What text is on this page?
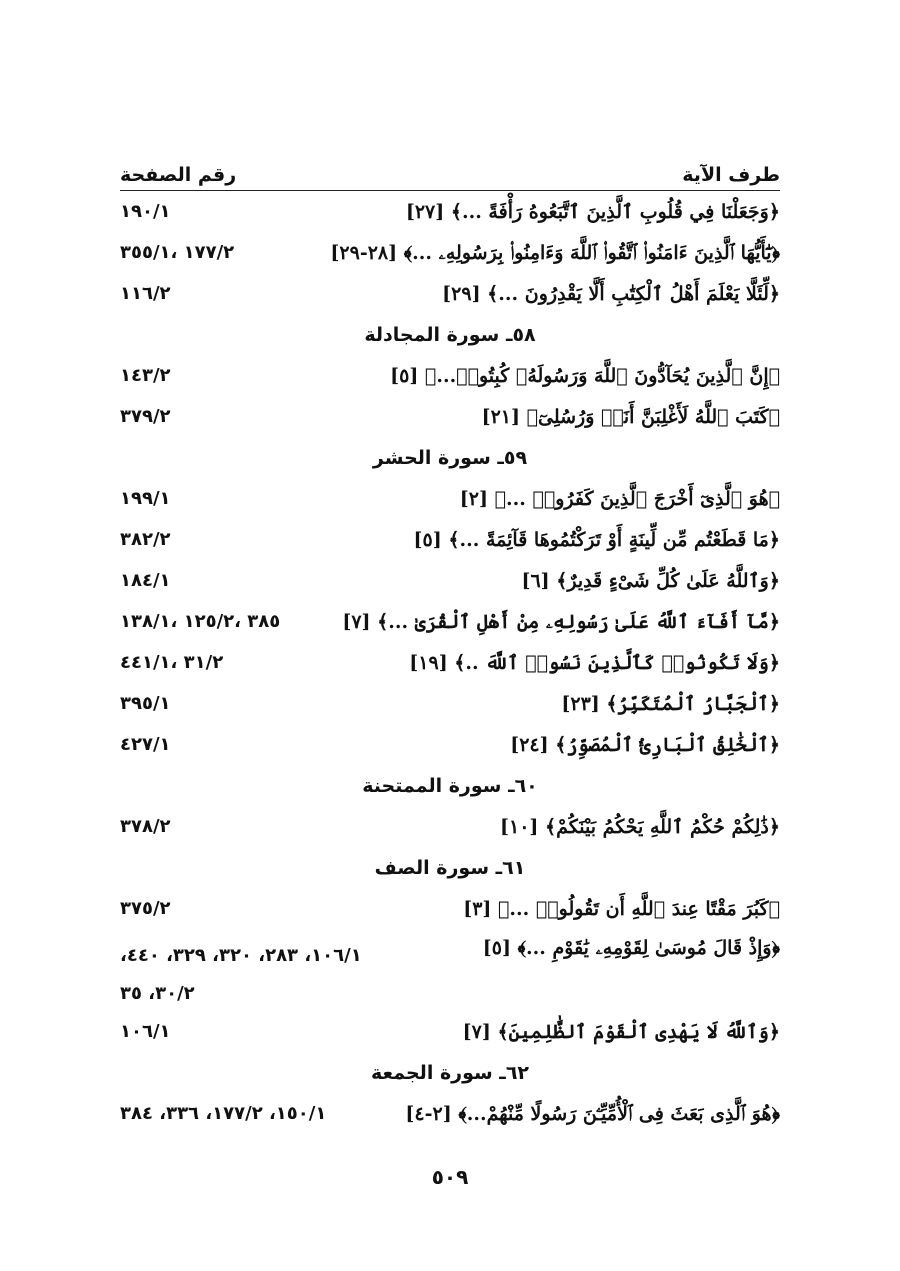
طرف الآية
رقم الصفحة
﴿وَجَعَلْنَا فِي قُلُوبِ ٱلَّذِينَ ٱتَّبَعُوهُ رَأْفَةً ...﴾ [٢٧]
١٩٠/١
﴿يَٰٓأَيُّهَا ٱلَّذِينَ ءَامَنُوا۟ ٱتَّقُوا۟ ٱللَّهَ وَءَامِنُوا۟ بِرَسُولِهِۦ ...﴾ [٢٨-٢٩]
١٧٧/٢ ،٣٥٥/١
﴿لِّئَلَّا يَعْلَمَ أَهْلُ ٱلْكِتَٰبِ أَلَّا يَقْدِرُونَ ...﴾ [٢٩]
١١٦/٢
٥٨ـ سورة المجادلة
﴿إِنَّ ٱلَّذِينَ يُحَآدُّونَ ٱللَّهَ وَرَسُولَهُۥ كُبِتُوا۟...﴾ [٥]
١٤٣/٢
﴿كَتَبَ ٱللَّهُ لَأَغْلِبَنَّ أَنَا۠ وَرُسُلِىٓ﴾ [٢١]
٣٧٩/٢
٥٩ـ سورة الحشر
﴿هُوَ ٱلَّذِىٓ أَخْرَجَ ٱلَّذِينَ كَفَرُوا۟ ...﴾ [٢]
١٩٩/١
﴿مَا قَطَعْتُم مِّن لِّينَةٍ أَوْ تَرَكْتُمُوهَا قَآئِمَةً ...﴾ [٥]
٣٨٢/٢
﴿وَٱللَّهُ عَلَىٰ كُلِّ شَىْءٍ قَدِيرٌ﴾ [٦]
١٨٤/١
﴿مَّآ أَفَآءَ ٱللَّهُ عَلَىٰ رَسُولِهِۦ مِنْ أَهْلِ ٱلْقُرَىٰ ...﴾ [٧]
٣٨٥ ،١٢٥/٢ ،١٣٨/١
﴿وَلَا تَكُونُوا۟ كَٱلَّذِينَ نَسُوا۟ ٱللَّهَ ..﴾ [١٩]
٣١/٢ ،٤٤١/١
﴿ٱلْجَبَّارُ ٱلْمُتَكَبِّرُ﴾ [٢٣]
٣٩٥/١
﴿ٱلْخَٰلِقُ ٱلْبَارِئُ ٱلْمُصَوِّرُ﴾ [٢٤]
٤٢٧/١
٦٠ـ سورة الممتحنة
﴿ذَٰلِكُمْ حُكْمُ ٱللَّهِ يَحْكُمُ بَيْنَكُمْ﴾ [١٠]
٣٧٨/٢
٦١ـ سورة الصف
﴿كَبُرَ مَقْتًا عِندَ ٱللَّهِ أَن تَقُولُوا۟ ...﴾ [٣]
٣٧٥/٢
﴿وَإِذْ قَالَ مُوسَىٰ لِقَوْمِهِۦ يَٰقَوْمِ ...﴾ [٥]
١٠٦/١، ٢٨٣، ٣٢٠، ٣٢٩، ٤٤٠، ٣٠/٢، ٣٥
﴿وَٱللَّهُ لَا يَهْدِى ٱلْقَوْمَ ٱلظَّٰلِمِينَ﴾ [٧]
١٠٦/١
٦٢ـ سورة الجمعة
﴿هُوَ ٱلَّذِى بَعَثَ فِى ٱلْأُمِّيِّـۧنَ رَسُولًا مِّنْهُمْ...﴾ [٢-٤]
١٥٠/١، ١٧٧/٢، ٣٣٦، ٣٨٤
٥٠٩
